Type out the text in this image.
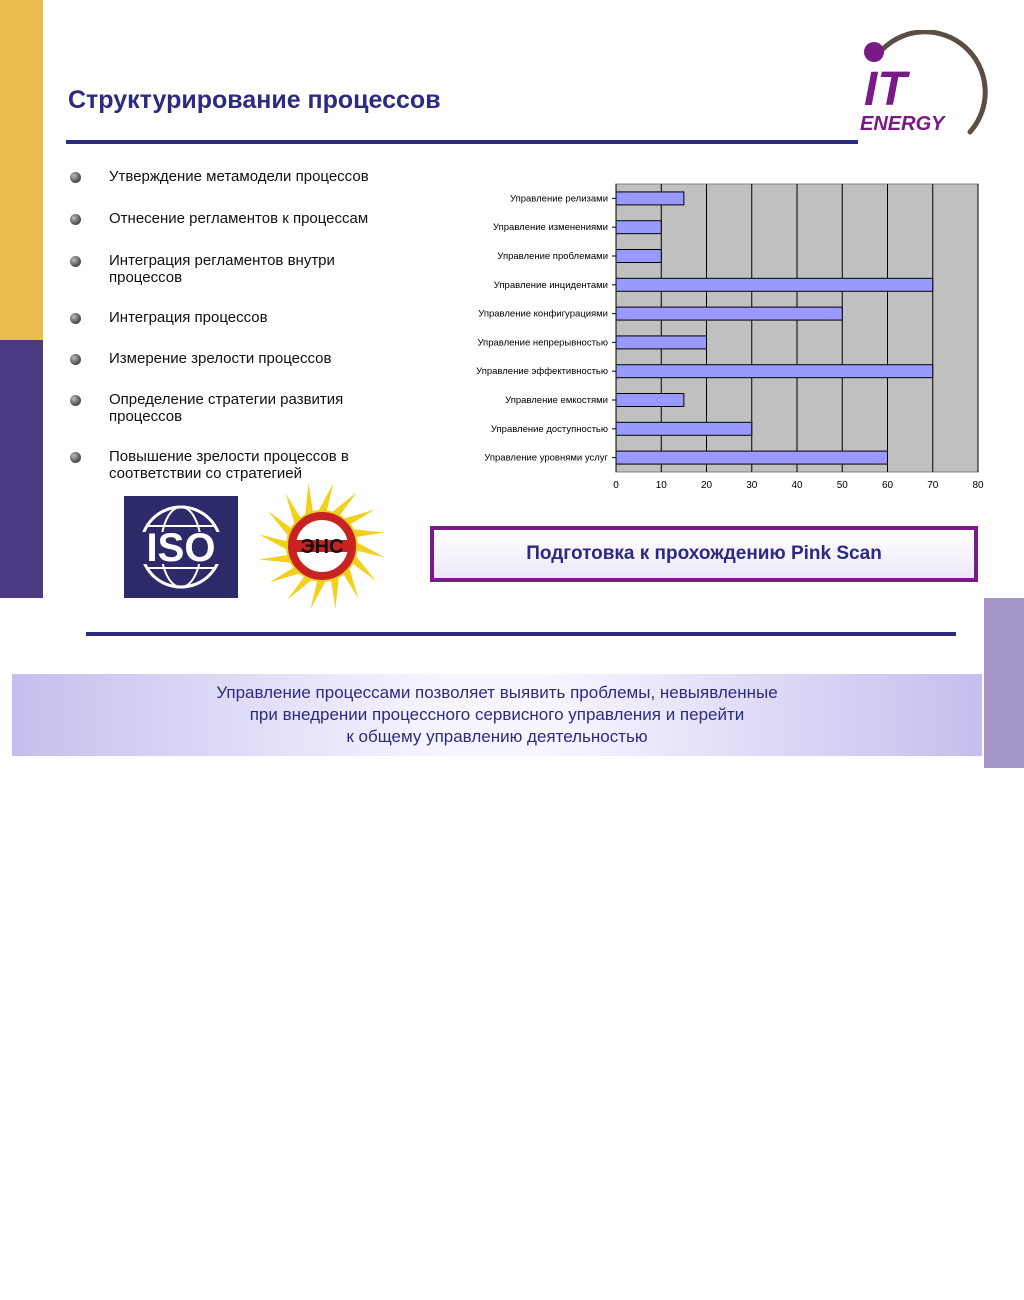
15
Структурирование процессов	IT
ENERGY
Утверждение метамодели процессов
Отнесение регламентов к процессам
Интеграция регламентов внутри процессов
Интеграция процессов
Измерение зрелости процессов
Определение стратегии развития процессов
Повышение зрелости процессов в соответствии со стратегией
0	10	20	30	40	50	60	70	80
Управление релизами
Управление изменениями
Управление проблемами
Управление инцидентами
Управление конфигурациями
Управление непрерывностью
Управление эффективностью
Управление емкостями
Управление доступностью
Управление уровнями услуг
ISO	ЭНС	Подготовка к прохождению Pink Scan
Управление процессами позволяет выявить проблемы, невыявленные
при внедрении процессного сервисного управления и перейти
к общему управлению деятельностью
